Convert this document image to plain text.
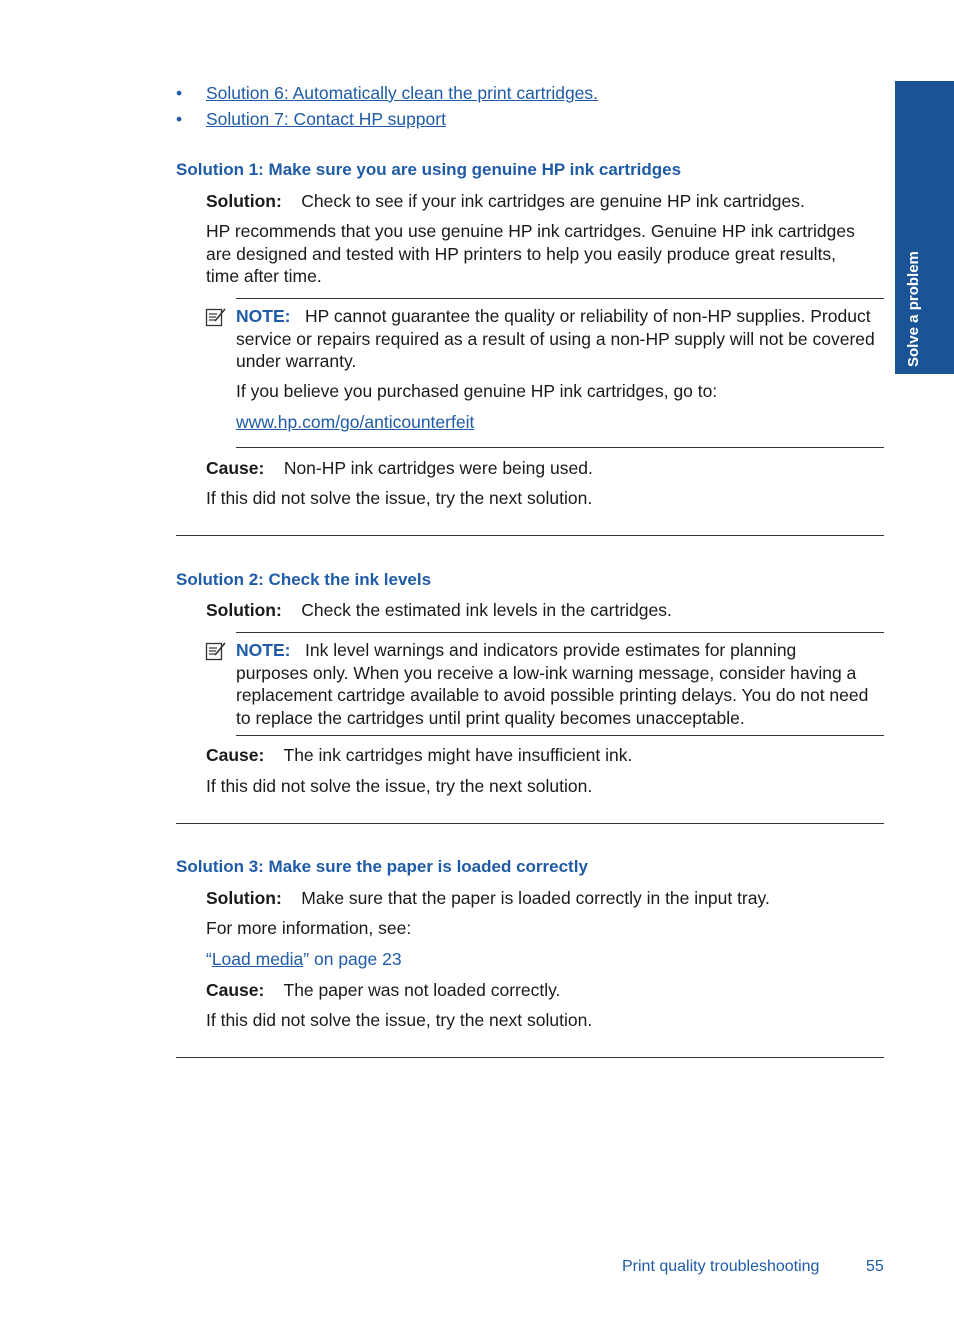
Solve a problem
• Solution 6: Automatically clean the print cartridges.
• Solution 7: Contact HP support
Solution 1: Make sure you are using genuine HP ink cartridges
Solution: Check to see if your ink cartridges are genuine HP ink cartridges.
HP recommends that you use genuine HP ink cartridges. Genuine HP ink cartridges
are designed and tested with HP printers to help you easily produce great results,
time after time.
NOTE: HP cannot guarantee the quality or reliability of non-HP supplies. Product
service or repairs required as a result of using a non-HP supply will not be covered
under warranty.
If you believe you purchased genuine HP ink cartridges, go to:
www.hp.com/go/anticounterfeit
Cause: Non-HP ink cartridges were being used.
If this did not solve the issue, try the next solution.
Solution 2: Check the ink levels
Solution: Check the estimated ink levels in the cartridges.
NOTE: Ink level warnings and indicators provide estimates for planning
purposes only. When you receive a low-ink warning message, consider having a
replacement cartridge available to avoid possible printing delays. You do not need
to replace the cartridges until print quality becomes unacceptable.
Cause: The ink cartridges might have insufficient ink.
If this did not solve the issue, try the next solution.
Solution 3: Make sure the paper is loaded correctly
Solution: Make sure that the paper is loaded correctly in the input tray.
For more information, see:
“Load media” on page 23
Cause: The paper was not loaded correctly.
If this did not solve the issue, try the next solution.
Print quality troubleshooting	55
